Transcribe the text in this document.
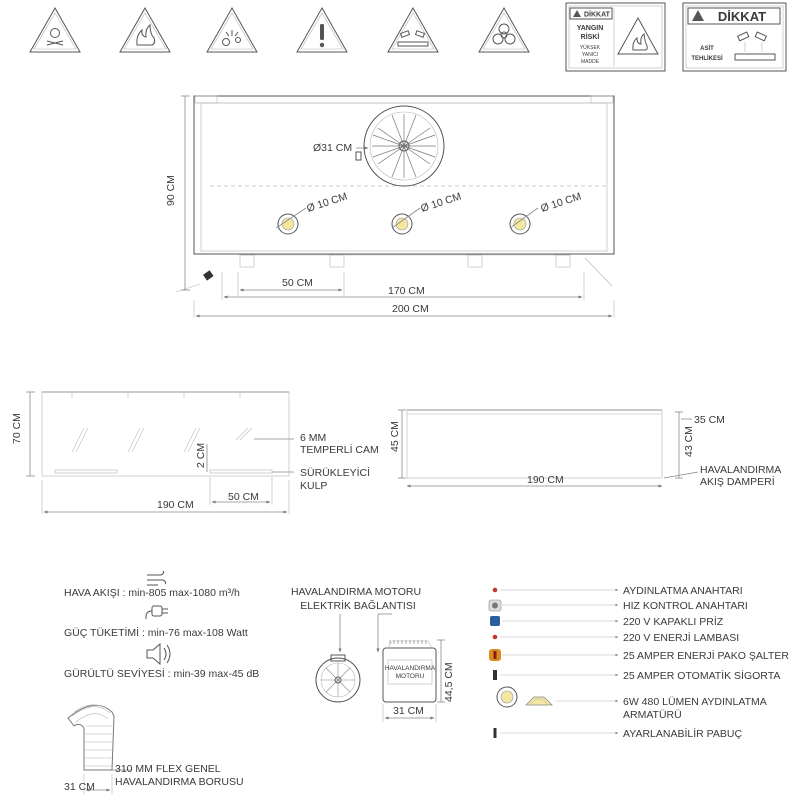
DİKKAT
YANGIN
RİSKİ
YÜKSEK
YANICI
MADDE
DİKKAT
ASİT
TEHLİKESİ
Ø31 CM
Ø 10 CM	Ø 10 CM	Ø 10 CM
90 CM
50 CM
170 CM
200 CM
70 CM	6 MM
TEMPERLİ CAM
2 CM
SÜRÜKLEYİCİ
KULP
50 CM
190 CM
45 CM	43 CM
35 CM
190 CM
HAVALANDIRMA
AKIŞ DAMPERİ
HAVA AKIŞI : min-805 max-1080 m³/h
GÜÇ TÜKETİMİ : min-76 max-108 Watt
GÜRÜLTÜ SEVİYESİ : min-39 max-45 dB
310 MM FLEX GENEL
HAVALANDIRMA BORUSU
31 CM
HAVALANDIRMA MOTORU
ELEKTRİK BAĞLANTISI
HAVALANDIRMA
MOTORU 44,5 CM
31 CM
AYDINLATMA ANAHTARI
HIZ KONTROL ANAHTARI
220 V KAPAKLI PRİZ
220 V ENERJİ LAMBASI
25 AMPER ENERJİ PAKO ŞALTER
25 AMPER OTOMATİK SİGORTA
6W 480 LÜMEN AYDINLATMA
ARMATÜRÜ
AYARLANABİLİR PABUÇ
